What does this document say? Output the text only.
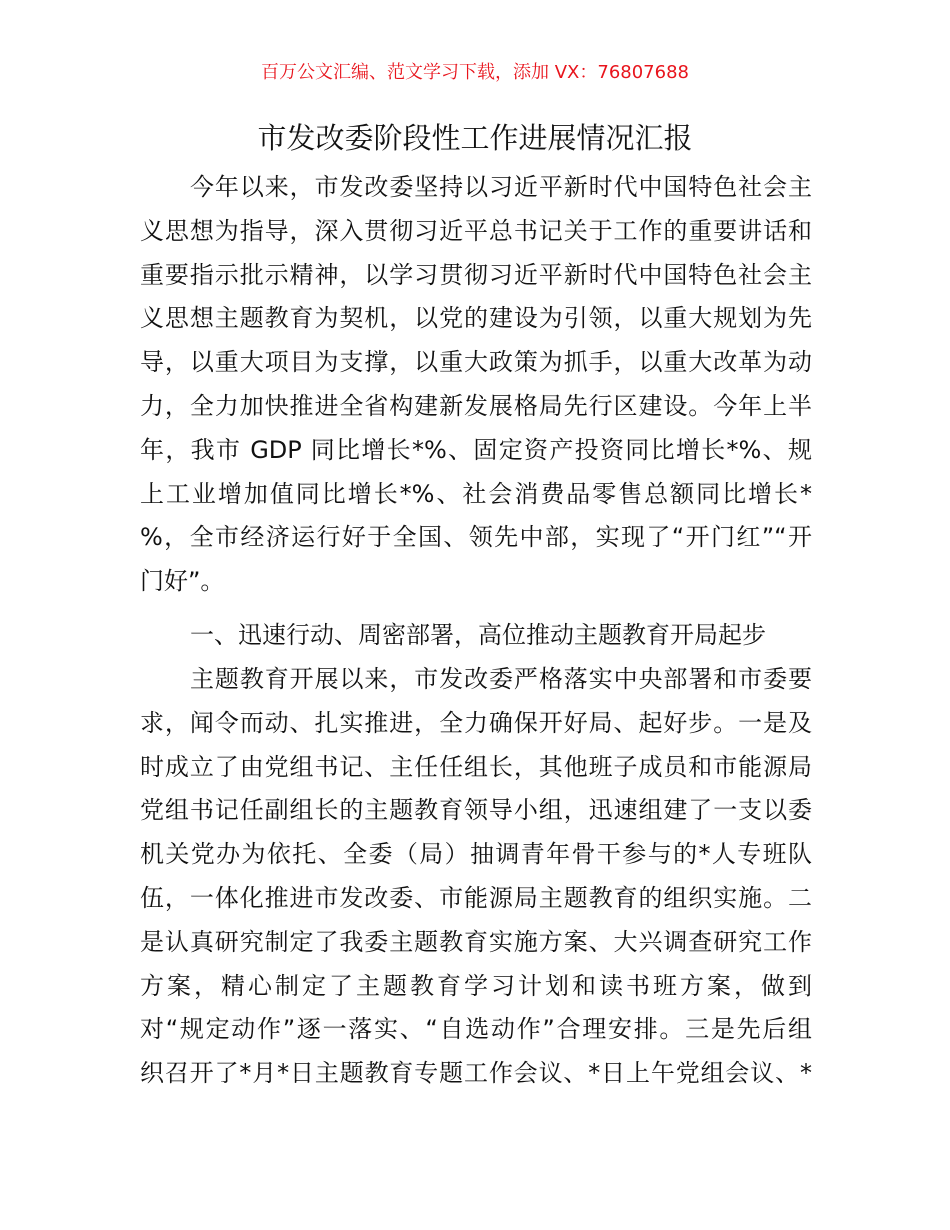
百万公文汇编、范文学习下载，添加 VX：76807688
市发改委阶段性工作进展情况汇报
今年以来，市发改委坚持以习近平新时代中国特色社会主
义思想为指导，深入贯彻习近平总书记关于工作的重要讲话和
重要指示批示精神，以学习贯彻习近平新时代中国特色社会主
义思想主题教育为契机，以党的建设为引领，以重大规划为先
导，以重大项目为支撑，以重大政策为抓手，以重大改革为动
力，全力加快推进全省构建新发展格局先行区建设。今年上半
年，我市 GDP 同比增长*%、固定资产投资同比增长*%、规
上工业增加值同比增长*%、社会消费品零售总额同比增长*
%，全市经济运行好于全国、领先中部，实现了“开门红”“开
门好”。
一、迅速行动、周密部署，高位推动主题教育开局起步
主题教育开展以来，市发改委严格落实中央部署和市委要
求，闻令而动、扎实推进，全力确保开好局、起好步。一是及
时成立了由党组书记、主任任组长，其他班子成员和市能源局
党组书记任副组长的主题教育领导小组，迅速组建了一支以委
机关党办为依托、全委（局）抽调青年骨干参与的*人专班队
伍，一体化推进市发改委、市能源局主题教育的组织实施。二
是认真研究制定了我委主题教育实施方案、大兴调查研究工作
方案，精心制定了主题教育学习计划和读书班方案，做到
对“规定动作”逐一落实、“自选动作”合理安排。三是先后组
织召开了*月*日主题教育专题工作会议、*日上午党组会议、*
